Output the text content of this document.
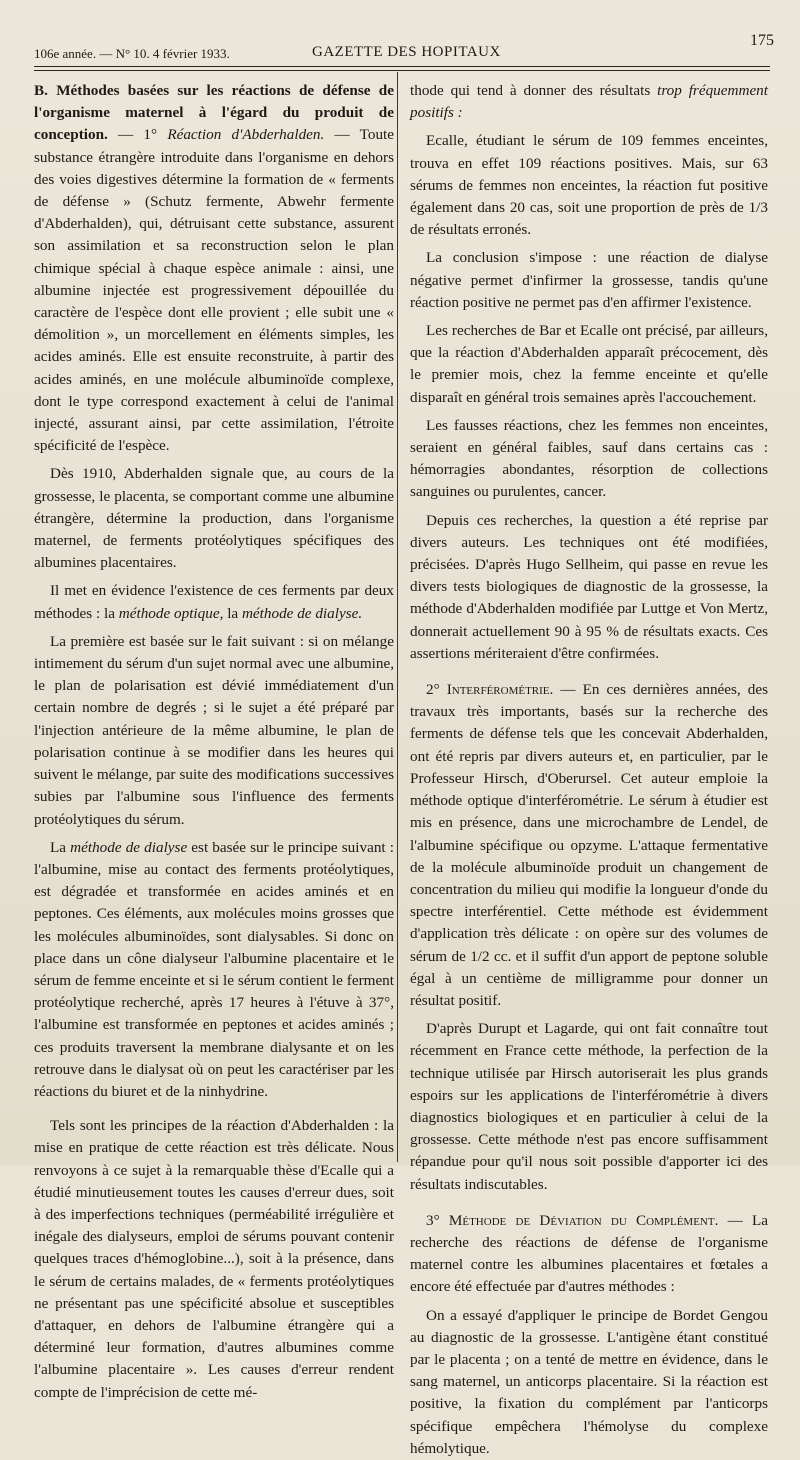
106e année. — N° 10. 4 février 1933.	GAZETTE DES HOPITAUX
175

B. Méthodes basées sur les réactions de défense de l'organisme maternel à l'égard du produit de conception. — 1° Réaction d'Abderhalden. — Toute substance étrangère introduite dans l'organisme en dehors des voies digestives détermine la formation de « ferments de défense » (Schutz fermente, Abwehr fermente d'Abderhalden), qui, détruisant cette substance, assurent son assimilation et sa reconstruction selon le plan chimique spécial à chaque espèce animale : ainsi, une albumine injectée est progressivement dépouillée du caractère de l'espèce dont elle provient ; elle subit une « démolition », un morcellement en éléments simples, les acides aminés. Elle est ensuite reconstruite, à partir des acides aminés, en une molécule albuminoïde complexe, dont le type correspond exactement à celui de l'animal injecté, assurant ainsi, par cette assimilation, l'étroite spécificité de l'espèce.

Dès 1910, Abderhalden signale que, au cours de la grossesse, le placenta, se comportant comme une albumine étrangère, détermine la production, dans l'organisme maternel, de ferments protéolytiques spécifiques des albumines placentaires.

Il met en évidence l'existence de ces ferments par deux méthodes : la méthode optique, la méthode de dialyse.

La première est basée sur le fait suivant : si on mélange intimement du sérum d'un sujet normal avec une albumine, le plan de polarisation est dévié immédiatement d'un certain nombre de degrés ; si le sujet a été préparé par l'injection antérieure de la même albumine, le plan de polarisation continue à se modifier dans les heures qui suivent le mélange, par suite des modifications successives subies par l'albumine sous l'influence des ferments protéolytiques du sérum.

La méthode de dialyse est basée sur le principe suivant : l'albumine, mise au contact des ferments protéolytiques, est dégradée et transformée en acides aminés et en peptones. Ces éléments, aux molécules moins grosses que les molécules albuminoïdes, sont dialysables. Si donc on place dans un cône dialyseur l'albumine placentaire et le sérum de femme enceinte et si le sérum contient le ferment protéolytique recherché, après 17 heures à l'étuve à 37°, l'albumine est transformée en peptones et acides aminés ; ces produits traversent la membrane dialysante et on les retrouve dans le dialysat où on peut les caractériser par les réactions du biuret et de la ninhydrine.

Tels sont les principes de la réaction d'Abderhalden : la mise en pratique de cette réaction est très délicate. Nous renvoyons à ce sujet à la remarquable thèse d'Ecalle qui a étudié minutieusement toutes les causes d'erreur dues, soit à des imperfections techniques (perméabilité irrégulière et inégale des dialyseurs, emploi de sérums pouvant contenir quelques traces d'hémoglobine...), soit à la présence, dans le sérum de certains malades, de « ferments protéolytiques ne présentant pas une spécificité absolue et susceptibles d'attaquer, en dehors de l'albumine étrangère qui a déterminé leur formation, d'autres albumines comme l'albumine placentaire ». Les causes d'erreur rendent compte de l'imprécision de cette mé-

thode qui tend à donner des résultats trop fréquemment positifs :

Ecalle, étudiant le sérum de 109 femmes enceintes, trouva en effet 109 réactions positives. Mais, sur 63 sérums de femmes non enceintes, la réaction fut positive également dans 20 cas, soit une proportion de près de 1/3 de résultats erronés.

La conclusion s'impose : une réaction de dialyse négative permet d'infirmer la grossesse, tandis qu'une réaction positive ne permet pas d'en affirmer l'existence.

Les recherches de Bar et Ecalle ont précisé, par ailleurs, que la réaction d'Abderhalden apparaît précocement, dès le premier mois, chez la femme enceinte et qu'elle disparaît en général trois semaines après l'accouchement.

Les fausses réactions, chez les femmes non enceintes, seraient en général faibles, sauf dans certains cas : hémorragies abondantes, résorption de collections sanguines ou purulentes, cancer.

Depuis ces recherches, la question a été reprise par divers auteurs. Les techniques ont été modifiées, précisées. D'après Hugo Sellheim, qui passe en revue les divers tests biologiques de diagnostic de la grossesse, la méthode d'Abderhalden modifiée par Luttge et Von Mertz, donnerait actuellement 90 à 95 % de résultats exacts. Ces assertions mériteraient d'être confirmées.

2° Interférométrie. — En ces dernières années, des travaux très importants, basés sur la recherche des ferments de défense tels que les concevait Abderhalden, ont été repris par divers auteurs et, en particulier, par le Professeur Hirsch, d'Oberursel. Cet auteur emploie la méthode optique d'interférométrie. Le sérum à étudier est mis en présence, dans une microchambre de Lendel, de l'albumine spécifique ou opzyme. L'attaque fermentative de la molécule albuminoïde produit un changement de concentration du milieu qui modifie la longueur d'onde du spectre interférentiel. Cette méthode est évidemment d'application très délicate : on opère sur des volumes de sérum de 1/2 cc. et il suffit d'un apport de peptone soluble égal à un centième de milligramme pour donner un résultat positif.

D'après Durupt et Lagarde, qui ont fait connaître tout récemment en France cette méthode, la perfection de la technique utilisée par Hirsch autoriserait les plus grands espoirs sur les applications de l'interférométrie à divers diagnostics biologiques et en particulier à celui de la grossesse. Cette méthode n'est pas encore suffisamment répandue pour qu'il nous soit possible d'apporter ici des résultats indiscutables.

3° Méthode de Déviation du Complément. — La recherche des réactions de défense de l'organisme maternel contre les albumines placentaires et fœtales a encore été effectuée par d'autres méthodes :

On a essayé d'appliquer le principe de Bordet Gengou au diagnostic de la grossesse. L'antigène étant constitué par le placenta ; on a tenté de mettre en évidence, dans le sang maternel, un anticorps placentaire. Si la réaction est positive, la fixation du complément par l'anticorps spécifique empêchera l'hémolyse du complexe hémolytique.
